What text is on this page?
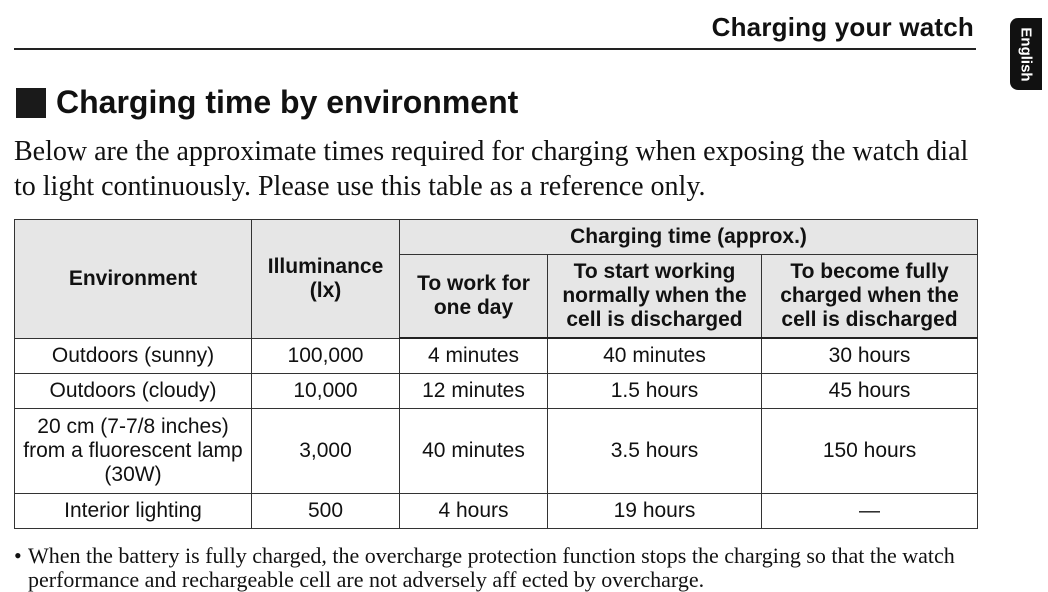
Charging your watch	English
Charging time by environment
Below are the approximate times required for charging when exposing the watch dial to light continuously. Please use this table as a reference only.
Environment	Illuminance (lx)	Charging time (approx.)		
		To work for one day	To start working normally when the cell is discharged	To become fully charged when the cell is discharged
Outdoors (sunny)	100,000	4 minutes	40 minutes	30 hours
Outdoors (cloudy)	10,000	12 minutes	1.5 hours	45 hours
20 cm (7-7/8 inches) from a fluorescent lamp (30W)	3,000	40 minutes	3.5 hours	150 hours
Interior lighting	500	4 hours	19 hours	—
• When the battery is fully charged, the overcharge protection function stops the charging so that the watch performance and rechargeable cell are not adversely aff ected by overcharge.
